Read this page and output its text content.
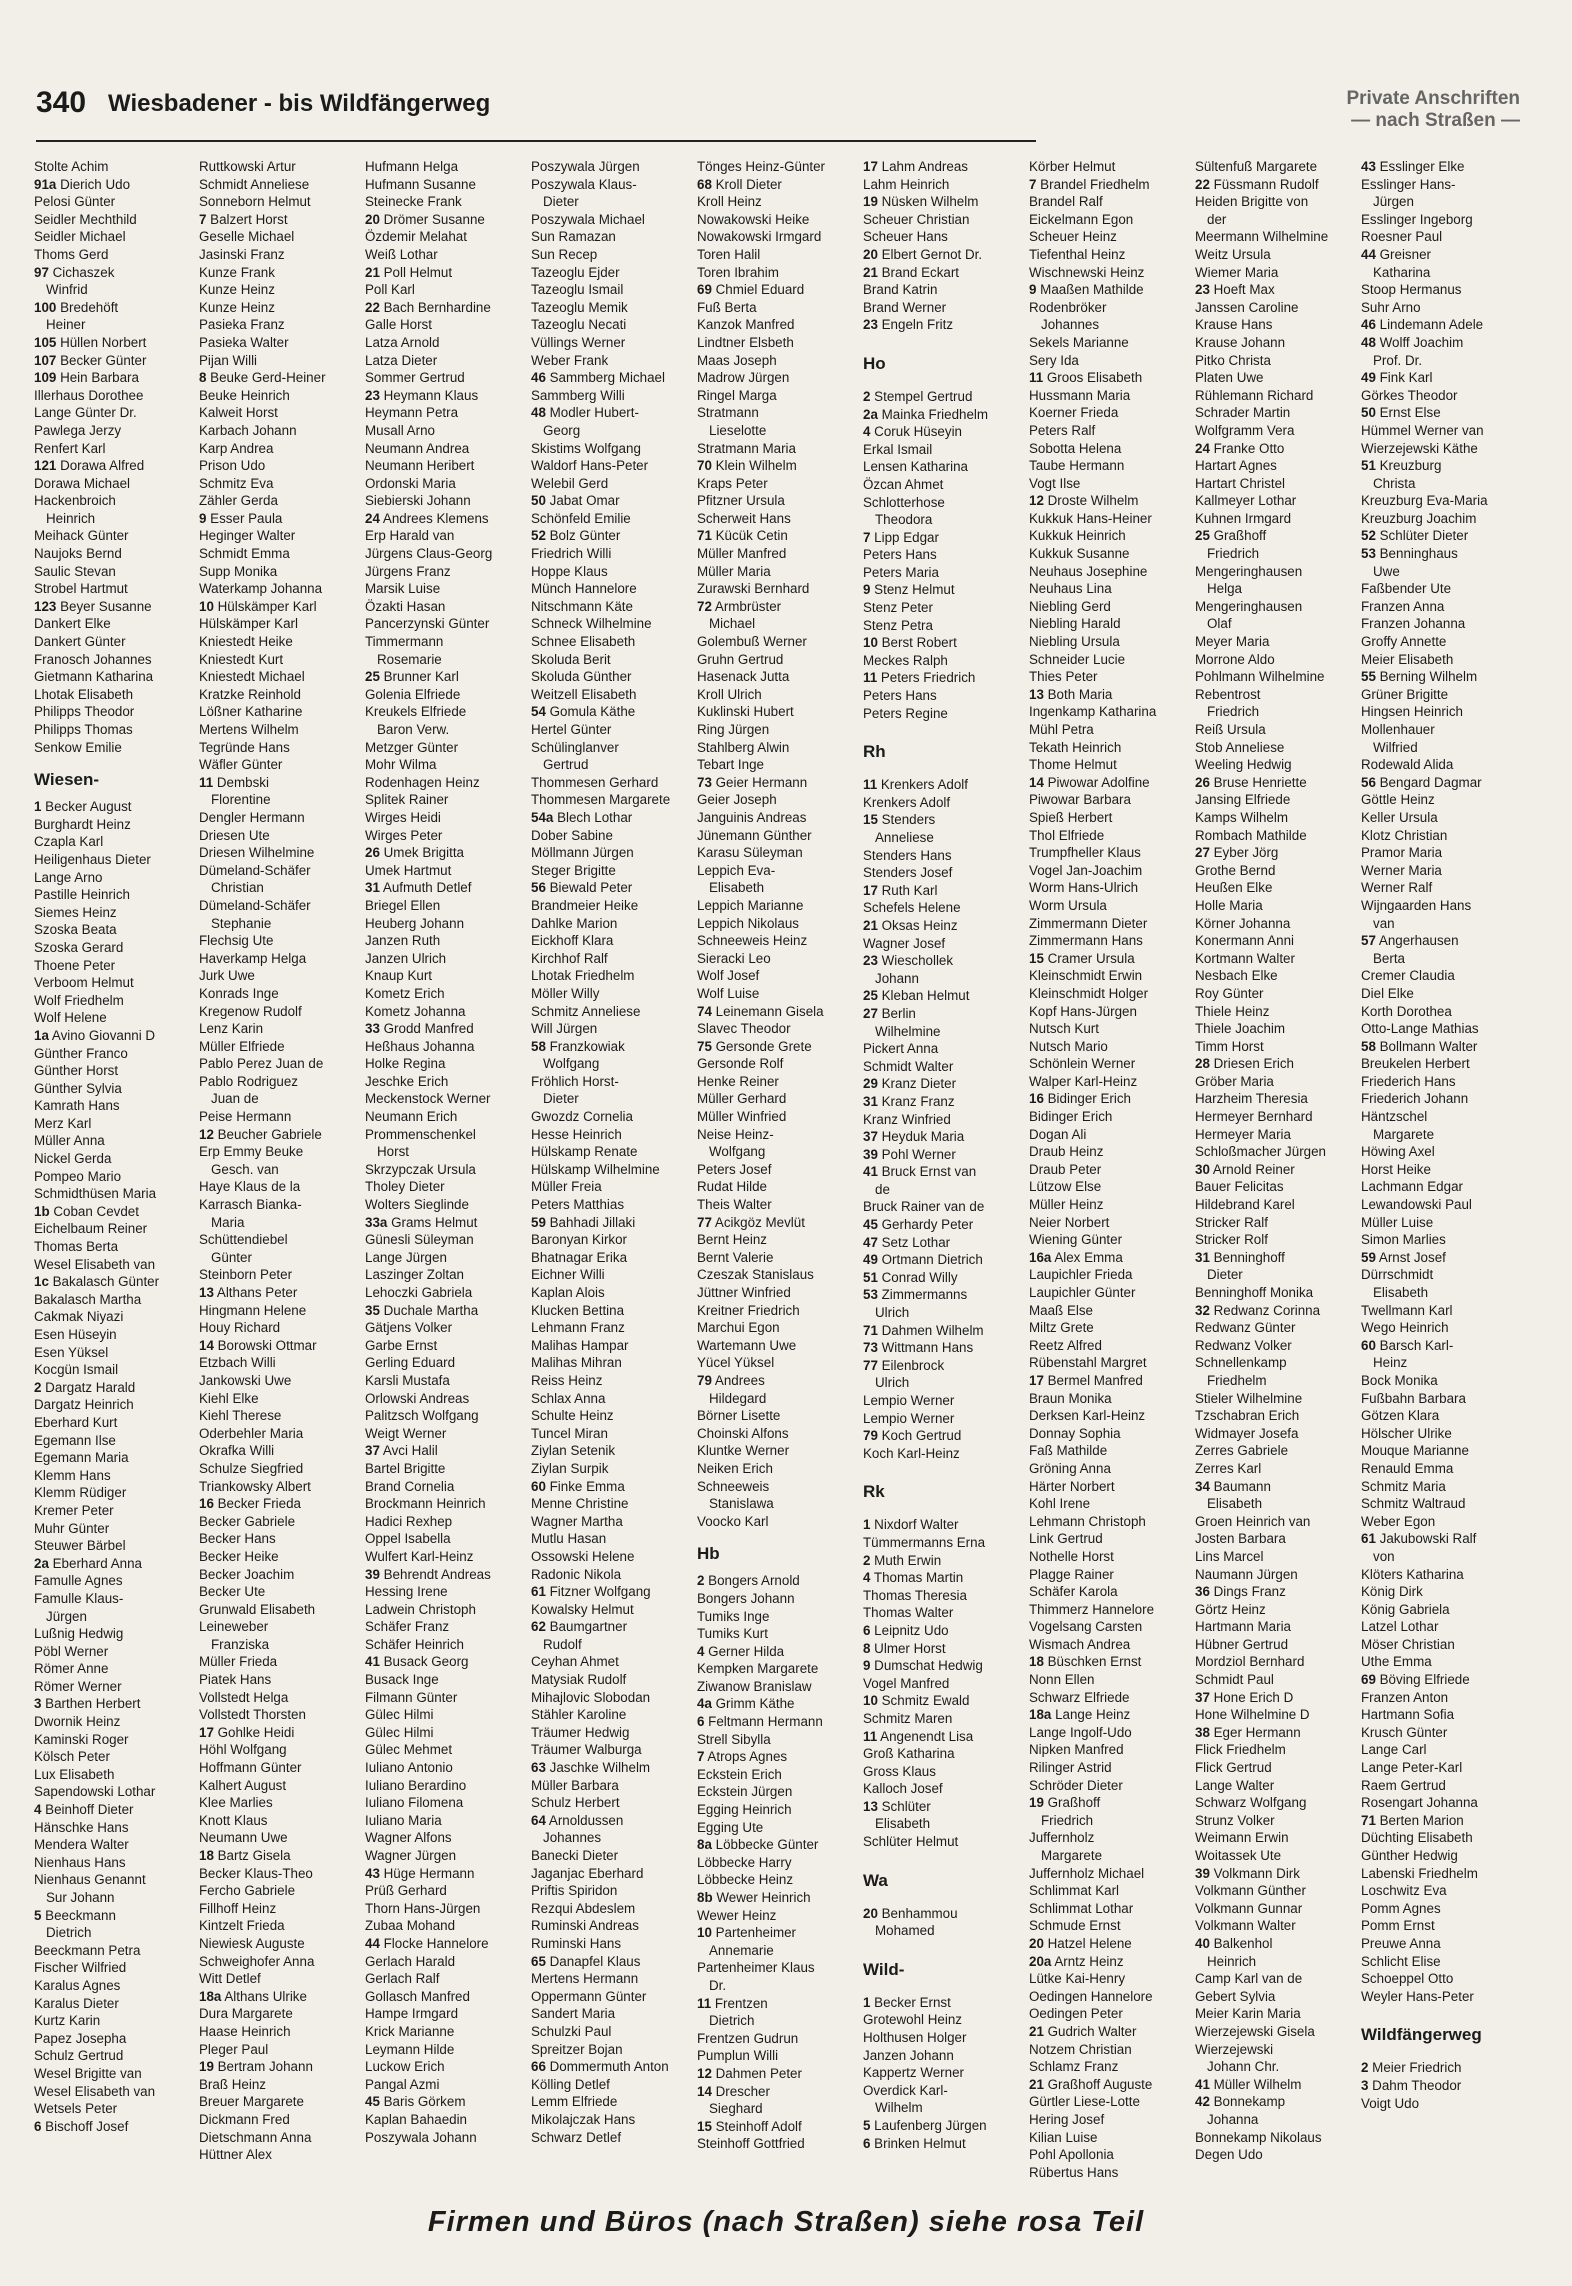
340 Wiesbadener - bis Wildfängerweg	Private Anschriften
— nach Straßen —
Stolte Achim
91a Dierich Udo
Pelosi Günter
Seidler Mechthild
Seidler Michael
Thoms Gerd
97 Cichaszek
Winfrid
100 Bredehöft
Heiner
105 Hüllen Norbert
107 Becker Günter
109 Hein Barbara
Illerhaus Dorothee
Lange Günter Dr.
Pawlega Jerzy
Renfert Karl
121 Dorawa Alfred
Dorawa Michael
Hackenbroich
Heinrich
Meihack Günter
Naujoks Bernd
Saulic Stevan
Strobel Hartmut
123 Beyer Susanne
Dankert Elke
Dankert Günter
Franosch Johannes
Gietmann Katharina
Lhotak Elisabeth
Philipps Theodor
Philipps Thomas
Senkow Emilie
Wiesen-
1 Becker August
Burghardt Heinz
Czapla Karl
Heiligenhaus Dieter
Lange Arno
Pastille Heinrich
Siemes Heinz
Szoska Beata
Szoska Gerard
Thoene Peter
Verboom Helmut
Wolf Friedhelm
Wolf Helene
1a Avino Giovanni D
Günther Franco
Günther Horst
Günther Sylvia
Kamrath Hans
Merz Karl
Müller Anna
Nickel Gerda
Pompeo Mario
Schmidthüsen Maria
1b Coban Cevdet
Eichelbaum Reiner
Thomas Berta
Wesel Elisabeth van
1c Bakalasch Günter
Bakalasch Martha
Cakmak Niyazi
Esen Hüseyin
Esen Yüksel
Kocgün Ismail
2 Dargatz Harald
Dargatz Heinrich
Eberhard Kurt
Egemann Ilse
Egemann Maria
Klemm Hans
Klemm Rüdiger
Kremer Peter
Muhr Günter
Steuwer Bärbel
2a Eberhard Anna
Famulle Agnes
Famulle Klaus-
Jürgen
Lußnig Hedwig
Pöbl Werner
Römer Anne
Römer Werner
3 Barthen Herbert
Dwornik Heinz
Kaminski Roger
Kölsch Peter
Lux Elisabeth
Sapendowski Lothar
4 Beinhoff Dieter
Hänschke Hans
Mendera Walter
Nienhaus Hans
Nienhaus Genannt
Sur Johann
5 Beeckmann
Dietrich
Beeckmann Petra
Fischer Wilfried
Karalus Agnes
Karalus Dieter
Kurtz Karin
Papez Josepha
Schulz Gertrud
Wesel Brigitte van
Wesel Elisabeth van
Wetsels Peter
6 Bischoff Josef
Ruttkowski Artur
Schmidt Anneliese
Sonneborn Helmut
7 Balzert Horst
Geselle Michael
Jasinski Franz
Kunze Frank
Kunze Heinz
Kunze Heinz
Pasieka Franz
Pasieka Walter
Pijan Willi
8 Beuke Gerd-Heiner
Beuke Heinrich
Kalweit Horst
Karbach Johann
Karp Andrea
Prison Udo
Schmitz Eva
Zähler Gerda
9 Esser Paula
Heginger Walter
Schmidt Emma
Supp Monika
Waterkamp Johanna
10 Hülskämper Karl
Hülskämper Karl
Kniestedt Heike
Kniestedt Kurt
Kniestedt Michael
Kratzke Reinhold
Lößner Katharine
Mertens Wilhelm
Tegründe Hans
Wäfler Günter
11 Dembski
Florentine
Dengler Hermann
Driesen Ute
Driesen Wilhelmine
Dümeland-Schäfer
Christian
Dümeland-Schäfer
Stephanie
Flechsig Ute
Haverkamp Helga
Jurk Uwe
Konrads Inge
Kregenow Rudolf
Lenz Karin
Müller Elfriede
Pablo Perez Juan de
Pablo Rodriguez
Juan de
Peise Hermann
12 Beucher Gabriele
Erp Emmy Beuke
Gesch. van
Haye Klaus de la
Karrasch Bianka-
Maria
Schüttendiebel
Günter
Steinborn Peter
13 Althans Peter
Hingmann Helene
Houy Richard
14 Borowski Ottmar
Etzbach Willi
Jankowski Uwe
Kiehl Elke
Kiehl Therese
Oderbehler Maria
Okrafka Willi
Schulze Siegfried
Triankowsky Albert
16 Becker Frieda
Becker Gabriele
Becker Hans
Becker Heike
Becker Joachim
Becker Ute
Grunwald Elisabeth
Leineweber
Franziska
Müller Frieda
Piatek Hans
Vollstedt Helga
Vollstedt Thorsten
17 Gohlke Heidi
Höhl Wolfgang
Hoffmann Günter
Kalhert August
Klee Marlies
Knott Klaus
Neumann Uwe
18 Bartz Gisela
Becker Klaus-Theo
Fercho Gabriele
Fillhoff Heinz
Kintzelt Frieda
Niewiesk Auguste
Schweighofer Anna
Witt Detlef
18a Althans Ulrike
Dura Margarete
Haase Heinrich
Pleger Paul
19 Bertram Johann
Braß Heinz
Breuer Margarete
Dickmann Fred
Dietschmann Anna
Hüttner Alex
Hufmann Helga
Hufmann Susanne
Steinecke Frank
20 Drömer Susanne
Özdemir Melahat
Weiß Lothar
21 Poll Helmut
Poll Karl
22 Bach Bernhardine
Galle Horst
Latza Arnold
Latza Dieter
Sommer Gertrud
23 Heymann Klaus
Heymann Petra
Musall Arno
Neumann Andrea
Neumann Heribert
Ordonski Maria
Siebierski Johann
24 Andrees Klemens
Erp Harald van
Jürgens Claus-Georg
Jürgens Franz
Marsik Luise
Özakti Hasan
Pancerzynski Günter
Timmermann
Rosemarie
25 Brunner Karl
Golenia Elfriede
Kreukels Elfriede
Baron Verw.
Metzger Günter
Mohr Wilma
Rodenhagen Heinz
Splitek Rainer
Wirges Heidi
Wirges Peter
26 Umek Brigitta
Umek Hartmut
31 Aufmuth Detlef
Briegel Ellen
Heuberg Johann
Janzen Ruth
Janzen Ulrich
Knaup Kurt
Kometz Erich
Kometz Johanna
33 Grodd Manfred
Heßhaus Johanna
Holke Regina
Jeschke Erich
Meckenstock Werner
Neumann Erich
Prommenschenkel
Horst
Skrzypczak Ursula
Tholey Dieter
Wolters Sieglinde
33a Grams Helmut
Günesli Süleyman
Lange Jürgen
Laszinger Zoltan
Lehoczki Gabriela
35 Duchale Martha
Gätjens Volker
Garbe Ernst
Gerling Eduard
Karsli Mustafa
Orlowski Andreas
Palitzsch Wolfgang
Weigt Werner
37 Avci Halil
Bartel Brigitte
Brand Cornelia
Brockmann Heinrich
Hadici Rexhep
Oppel Isabella
Wulfert Karl-Heinz
39 Behrendt Andreas
Hessing Irene
Ladwein Christoph
Schäfer Franz
Schäfer Heinrich
41 Busack Georg
Busack Inge
Filmann Günter
Gülec Hilmi
Gülec Hilmi
Gülec Mehmet
Iuliano Antonio
Iuliano Berardino
Iuliano Filomena
Iuliano Maria
Wagner Alfons
Wagner Jürgen
43 Hüge Hermann
Prüß Gerhard
Thorn Hans-Jürgen
Zubaa Mohand
44 Flocke Hannelore
Gerlach Harald
Gerlach Ralf
Gollasch Manfred
Hampe Irmgard
Krick Marianne
Leymann Hilde
Luckow Erich
Pangal Azmi
45 Baris Görkem
Kaplan Bahaedin
Poszywala Johann
Poszywala Jürgen
Poszywala Klaus-
Dieter
Poszywala Michael
Sun Ramazan
Sun Recep
Tazeoglu Ejder
Tazeoglu Ismail
Tazeoglu Memik
Tazeoglu Necati
Vüllings Werner
Weber Frank
46 Sammberg Michael
Sammberg Willi
48 Modler Hubert-
Georg
Skistims Wolfgang
Waldorf Hans-Peter
Welebil Gerd
50 Jabat Omar
Schönfeld Emilie
52 Bolz Günter
Friedrich Willi
Hoppe Klaus
Münch Hannelore
Nitschmann Käte
Schneck Wilhelmine
Schnee Elisabeth
Skoluda Berit
Skoluda Günther
Weitzell Elisabeth
54 Gomula Käthe
Hertel Günter
Schülinglanver
Gertrud
Thommesen Gerhard
Thommesen Margarete
54a Blech Lothar
Dober Sabine
Möllmann Jürgen
Steger Brigitte
56 Biewald Peter
Brandmeier Heike
Dahlke Marion
Eickhoff Klara
Kirchhof Ralf
Lhotak Friedhelm
Möller Willy
Schmitz Anneliese
Will Jürgen
58 Franzkowiak
Wolfgang
Fröhlich Horst-
Dieter
Gwozdz Cornelia
Hesse Heinrich
Hülskamp Renate
Hülskamp Wilhelmine
Müller Freia
Peters Matthias
59 Bahhadi Jillaki
Baronyan Kirkor
Bhatnagar Erika
Eichner Willi
Kaplan Alois
Klucken Bettina
Lehmann Franz
Malihas Hampar
Malihas Mihran
Reiss Heinz
Schlax Anna
Schulte Heinz
Tuncel Miran
Ziylan Setenik
Ziylan Surpik
60 Finke Emma
Menne Christine
Wagner Martha
Mutlu Hasan
Ossowski Helene
Radonic Nikola
61 Fitzner Wolfgang
Kowalsky Helmut
62 Baumgartner
Rudolf
Ceyhan Ahmet
Matysiak Rudolf
Mihajlovic Slobodan
Stähler Karoline
Träumer Hedwig
Träumer Walburga
63 Jaschke Wilhelm
Müller Barbara
Schulz Herbert
64 Arnoldussen
Johannes
Banecki Dieter
Jaganjac Eberhard
Priftis Spiridon
Rezqui Abdeslem
Ruminski Andreas
Ruminski Hans
65 Danapfel Klaus
Mertens Hermann
Oppermann Günter
Sandert Maria
Schulzki Paul
Spreitzer Bojan
66 Dommermuth Anton
Kölling Detlef
Lemm Elfriede
Mikolajczak Hans
Schwarz Detlef
Tönges Heinz-Günter
68 Kroll Dieter
Kroll Heinz
Nowakowski Heike
Nowakowski Irmgard
Toren Halil
Toren Ibrahim
69 Chmiel Eduard
Fuß Berta
Kanzok Manfred
Lindtner Elsbeth
Maas Joseph
Madrow Jürgen
Ringel Marga
Stratmann
Lieselotte
Stratmann Maria
70 Klein Wilhelm
Kraps Peter
Pfitzner Ursula
Scherweit Hans
71 Kücük Cetin
Müller Manfred
Müller Maria
Zurawski Bernhard
72 Armbrüster
Michael
Golembuß Werner
Gruhn Gertrud
Hasenack Jutta
Kroll Ulrich
Kuklinski Hubert
Ring Jürgen
Stahlberg Alwin
Tebart Inge
73 Geier Hermann
Geier Joseph
Janguinis Andreas
Jünemann Günther
Karasu Süleyman
Leppich Eva-
Elisabeth
Leppich Marianne
Leppich Nikolaus
Schneeweis Heinz
Sieracki Leo
Wolf Josef
Wolf Luise
74 Leinemann Gisela
Slavec Theodor
75 Gersonde Grete
Gersonde Rolf
Henke Reiner
Müller Gerhard
Müller Winfried
Neise Heinz-
Wolfgang
Peters Josef
Rudat Hilde
Theis Walter
77 Acikgöz Mevlüt
Bernt Heinz
Bernt Valerie
Czeszak Stanislaus
Jüttner Winfried
Kreitner Friedrich
Marchui Egon
Wartemann Uwe
Yücel Yüksel
79 Andrees
Hildegard
Börner Lisette
Choinski Alfons
Kluntke Werner
Neiken Erich
Schneeweis
Stanislawa
Voocko Karl
Hb
2 Bongers Arnold
Bongers Johann
Tumiks Inge
Tumiks Kurt
4 Gerner Hilda
Kempken Margarete
Ziwanow Branislaw
4a Grimm Käthe
6 Feltmann Hermann
Strell Sibylla
7 Atrops Agnes
Eckstein Erich
Eckstein Jürgen
Egging Heinrich
Egging Ute
8a Löbbecke Günter
Löbbecke Harry
Löbbecke Heinz
8b Wewer Heinrich
Wewer Heinz
10 Partenheimer
Annemarie
Partenheimer Klaus
Dr.
11 Frentzen
Dietrich
Frentzen Gudrun
Pumplun Willi
12 Dahmen Peter
14 Drescher
Sieghard
15 Steinhoff Adolf
Steinhoff Gottfried
17 Lahm Andreas
Lahm Heinrich
19 Nüsken Wilhelm
Scheuer Christian
Scheuer Hans
20 Elbert Gernot Dr.
21 Brand Eckart
Brand Katrin
Brand Werner
23 Engeln Fritz
Ho
2 Stempel Gertrud
2a Mainka Friedhelm
4 Coruk Hüseyin
Erkal Ismail
Lensen Katharina
Özcan Ahmet
Schlotterhose
Theodora
7 Lipp Edgar
Peters Hans
Peters Maria
9 Stenz Helmut
Stenz Peter
Stenz Petra
10 Berst Robert
Meckes Ralph
11 Peters Friedrich
Peters Hans
Peters Regine
Rh
11 Krenkers Adolf
Krenkers Adolf
15 Stenders
Anneliese
Stenders Hans
Stenders Josef
17 Ruth Karl
Schefels Helene
21 Oksas Heinz
Wagner Josef
23 Wieschollek
Johann
25 Kleban Helmut
27 Berlin
Wilhelmine
Pickert Anna
Schmidt Walter
29 Kranz Dieter
31 Kranz Franz
Kranz Winfried
37 Heyduk Maria
39 Pohl Werner
41 Bruck Ernst van
de
Bruck Rainer van de
45 Gerhardy Peter
47 Setz Lothar
49 Ortmann Dietrich
51 Conrad Willy
53 Zimmermanns
Ulrich
71 Dahmen Wilhelm
73 Wittmann Hans
77 Eilenbrock
Ulrich
Lempio Werner
Lempio Werner
79 Koch Gertrud
Koch Karl-Heinz
Rk
1 Nixdorf Walter
Tümmermanns Erna
2 Muth Erwin
4 Thomas Martin
Thomas Theresia
Thomas Walter
6 Leipnitz Udo
8 Ulmer Horst
9 Dumschat Hedwig
Vogel Manfred
10 Schmitz Ewald
Schmitz Maren
11 Angenendt Lisa
Groß Katharina
Gross Klaus
Kalloch Josef
13 Schlüter
Elisabeth
Schlüter Helmut
Wa
20 Benhammou
Mohamed
Wild-
1 Becker Ernst
Grotewohl Heinz
Holthusen Holger
Janzen Johann
Kappertz Werner
Overdick Karl-
Wilhelm
5 Laufenberg Jürgen
6 Brinken Helmut
Körber Helmut
7 Brandel Friedhelm
Brandel Ralf
Eickelmann Egon
Scheuer Heinz
Tiefenthal Heinz
Wischnewski Heinz
9 Maaßen Mathilde
Rodenbröker
Johannes
Sekels Marianne
Sery Ida
11 Groos Elisabeth
Hussmann Maria
Koerner Frieda
Peters Ralf
Sobotta Helena
Taube Hermann
Vogt Ilse
12 Droste Wilhelm
Kukkuk Hans-Heiner
Kukkuk Heinrich
Kukkuk Susanne
Neuhaus Josephine
Neuhaus Lina
Niebling Gerd
Niebling Harald
Niebling Ursula
Schneider Lucie
Thies Peter
13 Both Maria
Ingenkamp Katharina
Mühl Petra
Tekath Heinrich
Thome Helmut
14 Piwowar Adolfine
Piwowar Barbara
Spieß Herbert
Thol Elfriede
Trumpfheller Klaus
Vogel Jan-Joachim
Worm Hans-Ulrich
Worm Ursula
Zimmermann Dieter
Zimmermann Hans
15 Cramer Ursula
Kleinschmidt Erwin
Kleinschmidt Holger
Kopf Hans-Jürgen
Nutsch Kurt
Nutsch Mario
Schönlein Werner
Walper Karl-Heinz
16 Bidinger Erich
Bidinger Erich
Dogan Ali
Draub Heinz
Draub Peter
Lützow Else
Müller Heinz
Neier Norbert
Wiening Günter
16a Alex Emma
Laupichler Frieda
Laupichler Günter
Maaß Else
Miltz Grete
Reetz Alfred
Rübenstahl Margret
17 Bermel Manfred
Braun Monika
Derksen Karl-Heinz
Donnay Sophia
Faß Mathilde
Gröning Anna
Härter Norbert
Kohl Irene
Lehmann Christoph
Link Gertrud
Nothelle Horst
Plagge Rainer
Schäfer Karola
Thimmerz Hannelore
Vogelsang Carsten
Wismach Andrea
18 Büschken Ernst
Nonn Ellen
Schwarz Elfriede
18a Lange Heinz
Lange Ingolf-Udo
Nipken Manfred
Rilinger Astrid
Schröder Dieter
19 Graßhoff
Friedrich
Juffernholz
Margarete
Juffernholz Michael
Schlimmat Karl
Schlimmat Lothar
Schmude Ernst
20 Hatzel Helene
20a Arntz Heinz
Lütke Kai-Henry
Oedingen Hannelore
Oedingen Peter
21 Gudrich Walter
Notzem Christian
Schlamz Franz
21 Graßhoff Auguste
Gürtler Liese-Lotte
Hering Josef
Kilian Luise
Pohl Apollonia
Rübertus Hans
Sültenfuß Margarete
22 Füssmann Rudolf
Heiden Brigitte von
der
Meermann Wilhelmine
Weitz Ursula
Wiemer Maria
23 Hoeft Max
Janssen Caroline
Krause Hans
Krause Johann
Pitko Christa
Platen Uwe
Rühlemann Richard
Schrader Martin
Wolfgramm Vera
24 Franke Otto
Hartart Agnes
Hartart Christel
Kallmeyer Lothar
Kuhnen Irmgard
25 Graßhoff
Friedrich
Mengeringhausen
Helga
Mengeringhausen
Olaf
Meyer Maria
Morrone Aldo
Pohlmann Wilhelmine
Rebentrost
Friedrich
Reiß Ursula
Stob Anneliese
Weeling Hedwig
26 Bruse Henriette
Jansing Elfriede
Kamps Wilhelm
Rombach Mathilde
27 Eyber Jörg
Grothe Bernd
Heußen Elke
Holle Maria
Körner Johanna
Konermann Anni
Kortmann Walter
Nesbach Elke
Roy Günter
Thiele Heinz
Thiele Joachim
Timm Horst
28 Driesen Erich
Gröber Maria
Harzheim Theresia
Hermeyer Bernhard
Hermeyer Maria
Schloßmacher Jürgen
30 Arnold Reiner
Bauer Felicitas
Hildebrand Karel
Stricker Ralf
Stricker Rolf
31 Benninghoff
Dieter
Benninghoff Monika
32 Redwanz Corinna
Redwanz Günter
Redwanz Volker
Schnellenkamp
Friedhelm
Stieler Wilhelmine
Tzschabran Erich
Widmayer Josefa
Zerres Gabriele
Zerres Karl
34 Baumann
Elisabeth
Groen Heinrich van
Josten Barbara
Lins Marcel
Naumann Jürgen
36 Dings Franz
Görtz Heinz
Hartmann Maria
Hübner Gertrud
Mordziol Bernhard
Schmidt Paul
37 Hone Erich D
Hone Wilhelmine D
38 Eger Hermann
Flick Friedhelm
Flick Gertrud
Lange Walter
Schwarz Wolfgang
Strunz Volker
Weimann Erwin
Woitassek Ute
39 Volkmann Dirk
Volkmann Günther
Volkmann Gunnar
Volkmann Walter
40 Balkenhol
Heinrich
Camp Karl van de
Gebert Sylvia
Meier Karin Maria
Wierzejewski Gisela
Wierzejewski
Johann Chr.
41 Müller Wilhelm
42 Bonnekamp
Johanna
Bonnekamp Nikolaus
Degen Udo
43 Esslinger Elke
Esslinger Hans-
Jürgen
Esslinger Ingeborg
Roesner Paul
44 Greisner
Katharina
Stoop Hermanus
Suhr Arno
46 Lindemann Adele
48 Wolff Joachim
Prof. Dr.
49 Fink Karl
Görkes Theodor
50 Ernst Else
Hümmel Werner van
Wierzejewski Käthe
51 Kreuzburg
Christa
Kreuzburg Eva-Maria
Kreuzburg Joachim
52 Schlüter Dieter
53 Benninghaus
Uwe
Faßbender Ute
Franzen Anna
Franzen Johanna
Groffy Annette
Meier Elisabeth
55 Berning Wilhelm
Grüner Brigitte
Hingsen Heinrich
Mollenhauer
Wilfried
Rodewald Alida
56 Bengard Dagmar
Göttle Heinz
Keller Ursula
Klotz Christian
Pramor Maria
Werner Maria
Werner Ralf
Wijngaarden Hans
van
57 Angerhausen
Berta
Cremer Claudia
Diel Elke
Korth Dorothea
Otto-Lange Mathias
58 Bollmann Walter
Breukelen Herbert
Friederich Hans
Friederich Johann
Häntzschel
Margarete
Höwing Axel
Horst Heike
Lachmann Edgar
Lewandowski Paul
Müller Luise
Simon Marlies
59 Arnst Josef
Dürrschmidt
Elisabeth
Twellmann Karl
Wego Heinrich
60 Barsch Karl-
Heinz
Bock Monika
Fußbahn Barbara
Götzen Klara
Hölscher Ulrike
Mouque Marianne
Renauld Emma
Schmitz Maria
Schmitz Waltraud
Weber Egon
61 Jakubowski Ralf
von
Klöters Katharina
König Dirk
König Gabriela
Latzel Lothar
Möser Christian
Uthe Emma
69 Böving Elfriede
Franzen Anton
Hartmann Sofia
Krusch Günter
Lange Carl
Lange Peter-Karl
Raem Gertrud
Rosengart Johanna
71 Berten Marion
Düchting Elisabeth
Günther Hedwig
Labenski Friedhelm
Loschwitz Eva
Pomm Agnes
Pomm Ernst
Preuwe Anna
Schlicht Elise
Schoeppel Otto
Weyler Hans-Peter
Wildfängerweg
2 Meier Friedrich
3 Dahm Theodor
Voigt Udo
Firmen und Büros (nach Straßen) siehe rosa Teil
